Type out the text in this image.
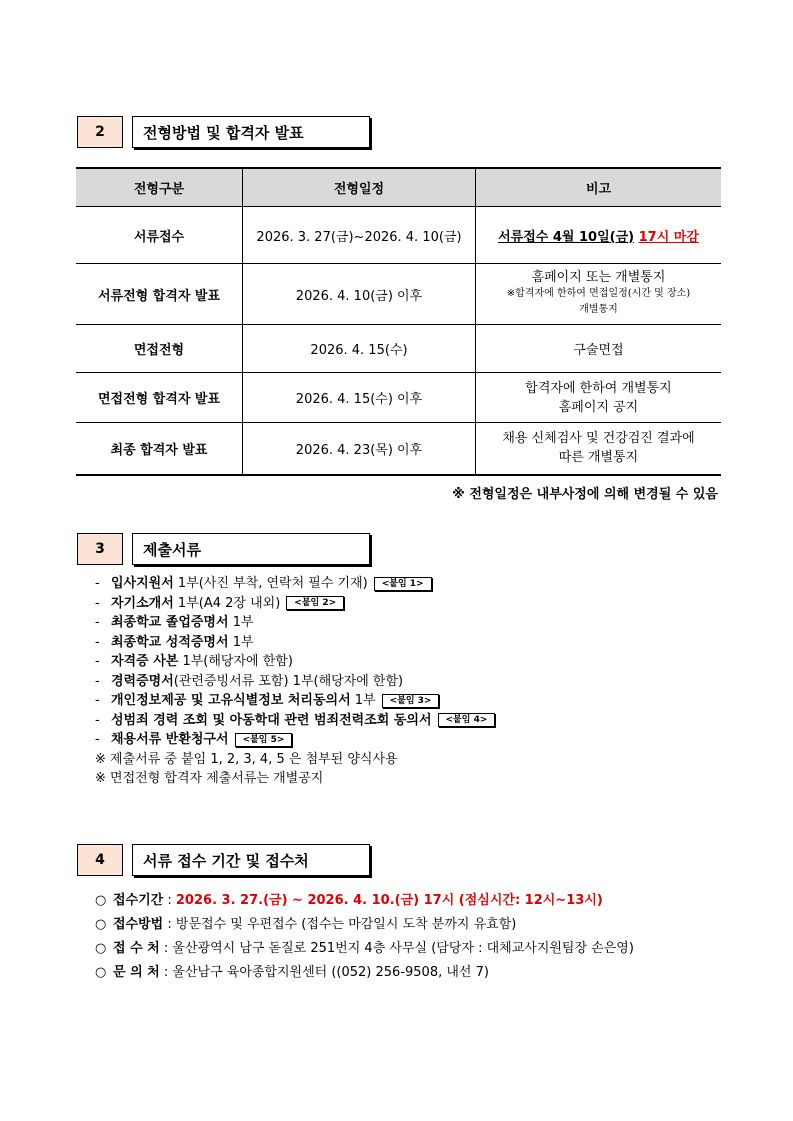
2	전형방법 및 합격자 발표
전형구분	전형일정	비고
서류접수	2026. 3. 27(금)~2026. 4. 10(금)	서류접수 4월 10일(금) 17시 마감
서류전형 합격자 발표	2026. 4. 10(금) 이후	홈페이지 또는 개별통지
※합격자에 한하여 면접일정(시간 및 장소)
개별통지

면접전형	2026. 4. 15(수)	구술면접
면접전형 합격자 발표	2026. 4. 15(수) 이후	합격자에 한하여 개별통지
홈페이지 공지

최종 합격자 발표	2026. 4. 23(목) 이후	채용 신체검사 및 건강검진 결과에
따른 개별통지
※ 전형일정은 내부사정에 의해 변경될 수 있음
3	제출서류
- 입사지원서 1부(사진 부착, 연락처 필수 기재)	<붙임 1>
- 자기소개서 1부(A4 2장 내외)	<붙임 2>
- 최종학교 졸업증명서 1부
- 최종학교 성적증명서 1부
- 자격증 사본 1부(해당자에 한함)
- 경력증명서 (관련증빙서류 포함) 1부(해당자에 한함)
- 개인정보제공 및 고유식별정보 처리동의서 1부	<붙임 3>
- 성범죄 경력 조회 및 아동학대 관련 범죄전력조회 동의서	<붙임 4>
- 채용서류 반환청구서	<붙임 5>
※ 제출서류 중 붙임 1, 2, 3, 4, 5 은 첨부된 양식사용
※ 면접전형 합격자 제출서류는 개별공지
4	서류 접수 기간 및 접수처
○ 접수기간 : 2026. 3. 27.(금) ~ 2026. 4. 10.(금) 17시 (점심시간: 12시~13시)
○ 접수방법 : 방문접수 및 우편접수 (접수는 마감일시 도착 분까지 유효함)
○ 접 수 처 : 울산광역시 남구 돋질로 251번지 4층 사무실 (담당자 : 대체교사지원팀장 손은영)
○ 문 의 처 : 울산남구 육아종합지원센터 ((052) 256-9508, 내선 7)
